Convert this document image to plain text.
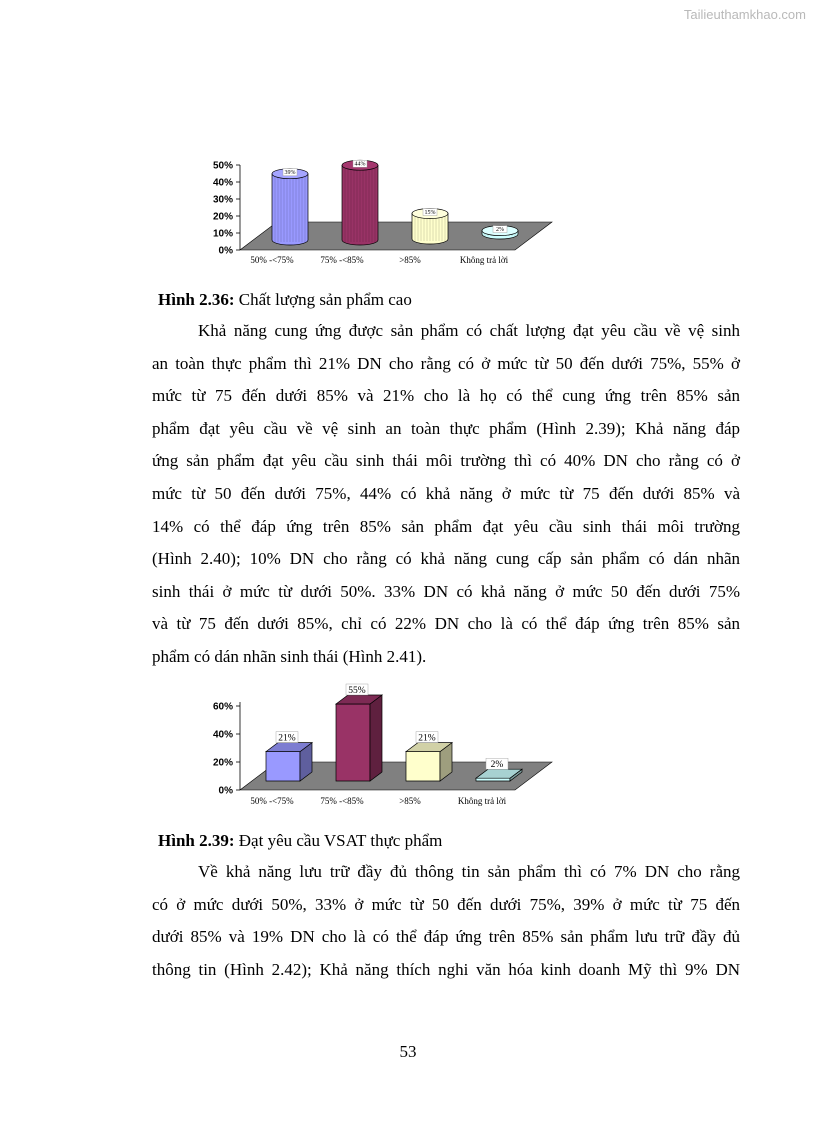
Tailieuthamkhao.com
0%
10%
20%
30%
40%
50%
39%
44%
15%
2%
50% -<75%	75% -<85%	>85%	Không trả lời
Hình 2.36: Chất lượng sản phẩm cao
Khả năng cung ứng được sản phẩm có chất lượng đạt yêu cầu về vệ sinh
an toàn thực phẩm thì 21% DN cho rằng có ở mức từ 50 đến dưới 75%, 55% ở
mức từ 75 đến dưới 85% và 21% cho là họ có thể cung ứng trên 85% sản
phẩm đạt yêu cầu về vệ sinh an toàn thực phẩm (Hình 2.39); Khả năng đáp
ứng sản phẩm đạt yêu cầu sinh thái môi trường thì có 40% DN cho rằng có ở
mức từ 50 đến dưới 75%, 44% có khả năng ở mức từ 75 đến dưới 85% và
14% có thể đáp ứng trên 85% sản phẩm đạt yêu cầu sinh thái môi trường
(Hình 2.40); 10% DN cho rằng có khả năng cung cấp sản phẩm có dán nhãn
sinh thái ở mức từ dưới 50%. 33% DN có khả năng ở mức 50 đến dưới 75%
và từ 75 đến dưới 85%, chỉ có 22% DN cho là có thể đáp ứng trên 85% sản
phẩm có dán nhãn sinh thái (Hình 2.41).
0%
20%
40%
60%
21%
55%
21%
2%
50% -<75%	75% -<85%	>85%	Không trả lời
Hình 2.39: Đạt yêu cầu VSAT thực phẩm
Về khả năng lưu trữ đầy đủ thông tin sản phẩm thì có 7% DN cho rằng
có ở mức dưới 50%, 33% ở mức từ 50 đến dưới 75%, 39% ở mức từ 75 đến
dưới 85% và 19% DN cho là có thể đáp ứng trên 85% sản phẩm lưu trữ đầy đủ
thông tin (Hình 2.42); Khả năng thích nghi văn hóa kinh doanh Mỹ thì 9% DN
53
